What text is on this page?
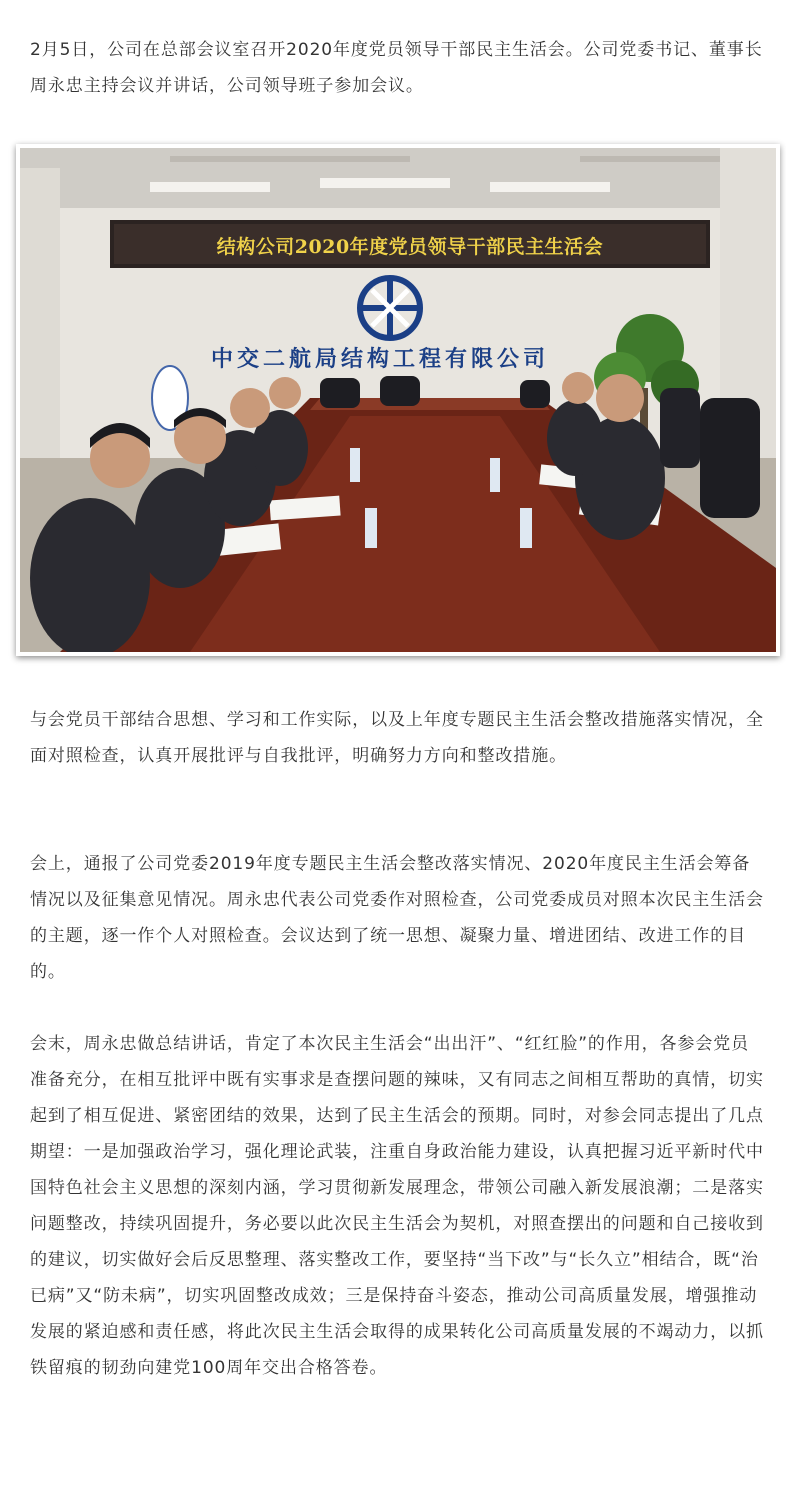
2月5日，公司在总部会议室召开2020年度党员领导干部民主生活会。公司党委书记、董事长周永忠主持会议并讲话，公司领导班子参加会议。

结构公司2020年度党员领导干部民主生活会
中交二航局结构工程有限公司

与会党员干部结合思想、学习和工作实际，以及上年度专题民主生活会整改措施落实情况，全面对照检查，认真开展批评与自我批评，明确努力方向和整改措施。

会上，通报了公司党委2019年度专题民主生活会整改落实情况、2020年度民主生活会筹备情况以及征集意见情况。周永忠代表公司党委作对照检查，公司党委成员对照本次民主生活会的主题，逐一作个人对照检查。会议达到了统一思想、凝聚力量、增进团结、改进工作的目的。

会末，周永忠做总结讲话，肯定了本次民主生活会“出出汗”、“红红脸”的作用，各参会党员准备充分，在相互批评中既有实事求是查摆问题的辣味，又有同志之间相互帮助的真情，切实起到了相互促进、紧密团结的效果，达到了民主生活会的预期。同时，对参会同志提出了几点期望：一是加强政治学习，强化理论武装，注重自身政治能力建设，认真把握习近平新时代中国特色社会主义思想的深刻内涵，学习贯彻新发展理念，带领公司融入新发展浪潮；二是落实问题整改，持续巩固提升，务必要以此次民主生活会为契机，对照查摆出的问题和自己接收到的建议，切实做好会后反思整理、落实整改工作，要坚持“当下改”与“长久立”相结合，既“治已病”又“防未病”，切实巩固整改成效；三是保持奋斗姿态，推动公司高质量发展，增强推动发展的紧迫感和责任感，将此次民主生活会取得的成果转化公司高质量发展的不竭动力，以抓铁留痕的韧劲向建党100周年交出合格答卷。
